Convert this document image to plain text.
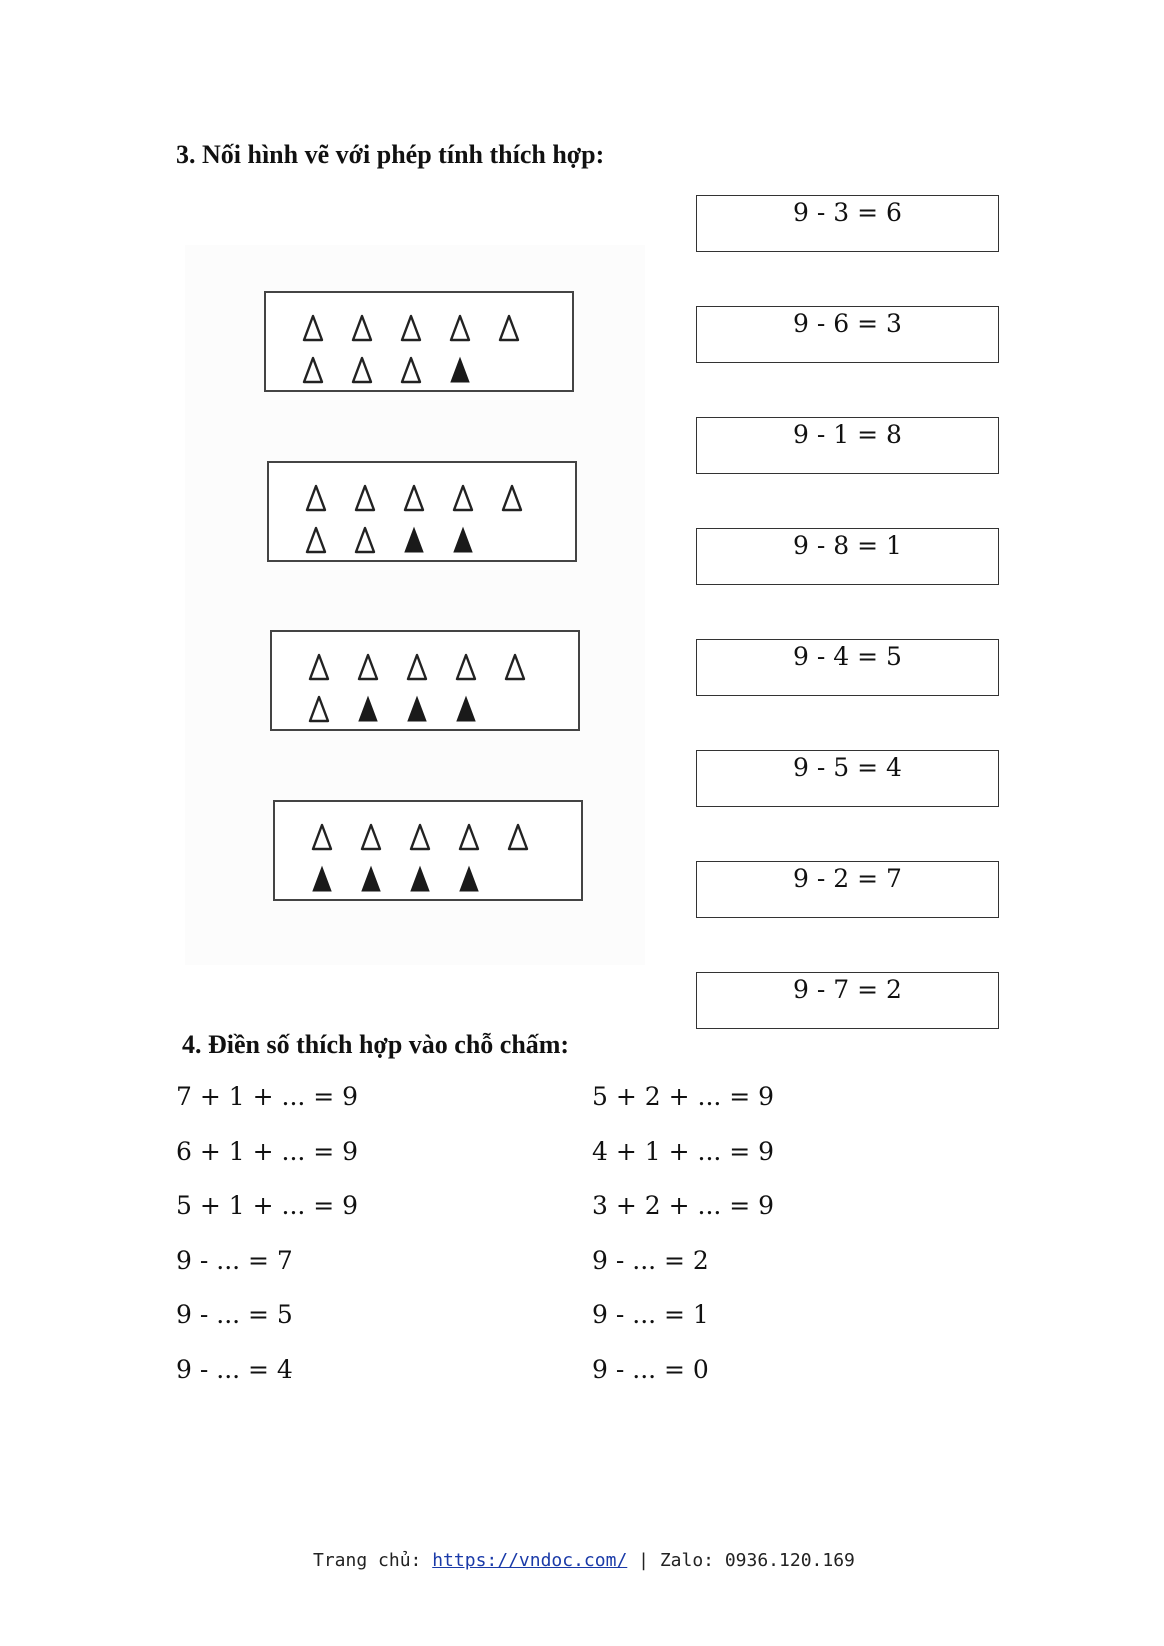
3. Nối hình vẽ với phép tính thích hợp:
9 - 3 = 6
9 - 6 = 3
9 - 1 = 8
9 - 8 = 1
9 - 4 = 5
9 - 5 = 4
9 - 2 = 7
9 - 7 = 2
4. Điền số thích hợp vào chỗ chấm:
7 + 1 + ... = 9
6 + 1 + ... = 9
5 + 1 + ... = 9
9 - ... = 7
9 - ... = 5
9 - ... = 4
5 + 2 + ... = 9
4 + 1 + ... = 9
3 + 2 + ... = 9
9 - ... = 2
9 - ... = 1
9 - ... = 0
Trang chủ: https://vndoc.com/ | Zalo: 0936.120.169
